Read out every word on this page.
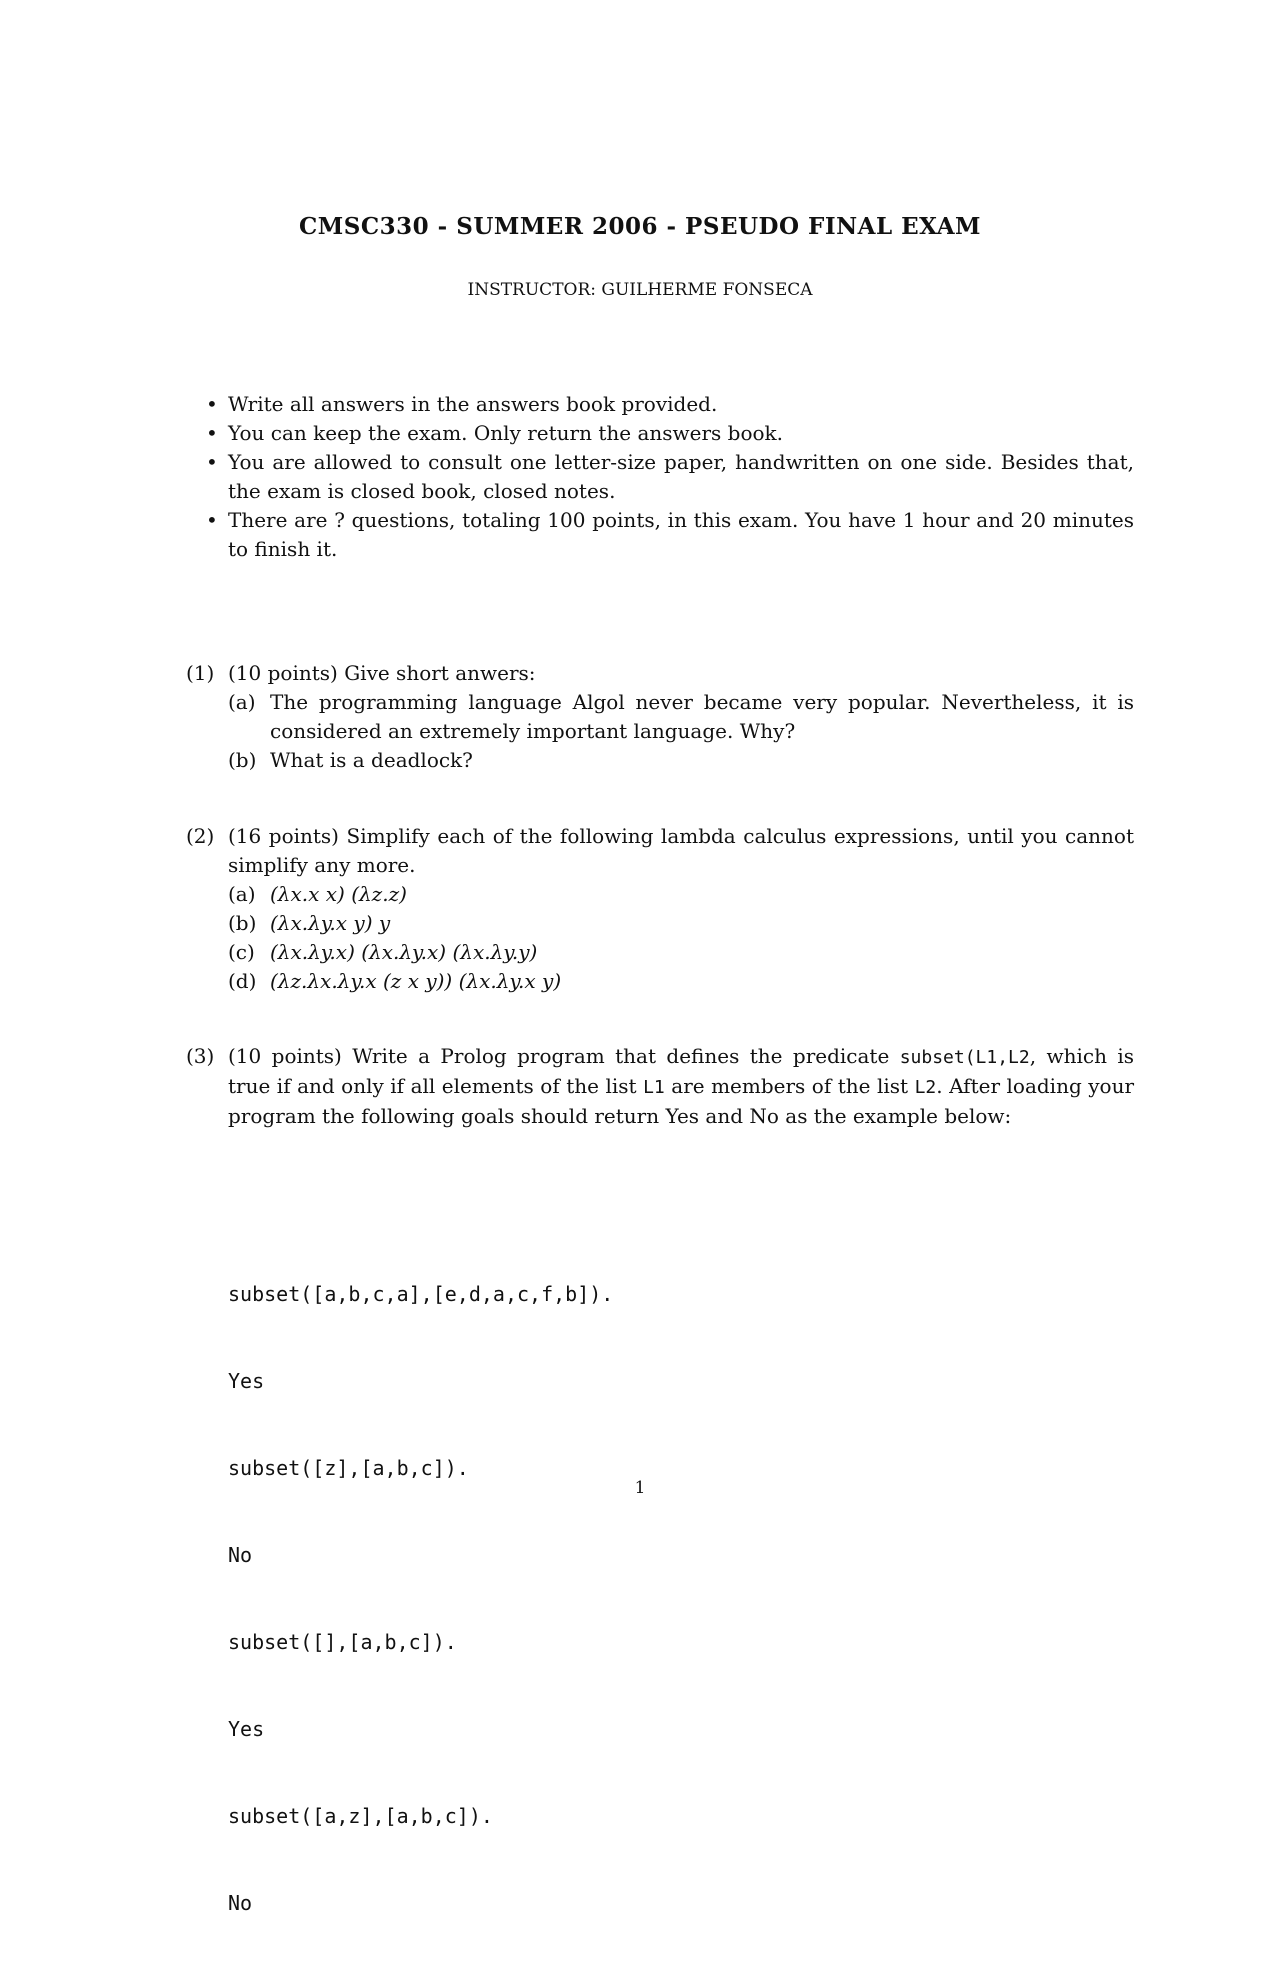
CMSC330 - SUMMER 2006 - PSEUDO FINAL EXAM
INSTRUCTOR: GUILHERME FONSECA
• Write all answers in the answers book provided.
• You can keep the exam. Only return the answers book.
• You are allowed to consult one letter-size paper, handwritten on one side. Besides that, the exam is closed book, closed notes.
• There are ? questions, totaling 100 points, in this exam. You have 1 hour and 20 minutes to finish it.
(1) (10 points) Give short anwers:
(a) The programming language Algol never became very popular. Nevertheless, it is considered an extremely important language. Why?
(b) What is a deadlock?
(2) (16 points) Simplify each of the following lambda calculus expressions, until you cannot simplify any more.
(a) (λx.x x) (λz.z)
(b) (λx.λy.x y) y
(c) (λx.λy.x) (λx.λy.x) (λx.λy.y)
(d) (λz.λx.λy.x (z x y)) (λx.λy.x y)
(3) (10 points) Write a Prolog program that defines the predicate subset(L1,L2, which is true if and only if all elements of the list L1 are members of the list L2. After loading your program the following goals should return Yes and No as the example below:

subset([a,b,c,a],[e,d,a,c,f,b]).

Yes

subset([z],[a,b,c]).

No

subset([],[a,b,c]).

Yes

subset([a,z],[a,b,c]).

No

1
